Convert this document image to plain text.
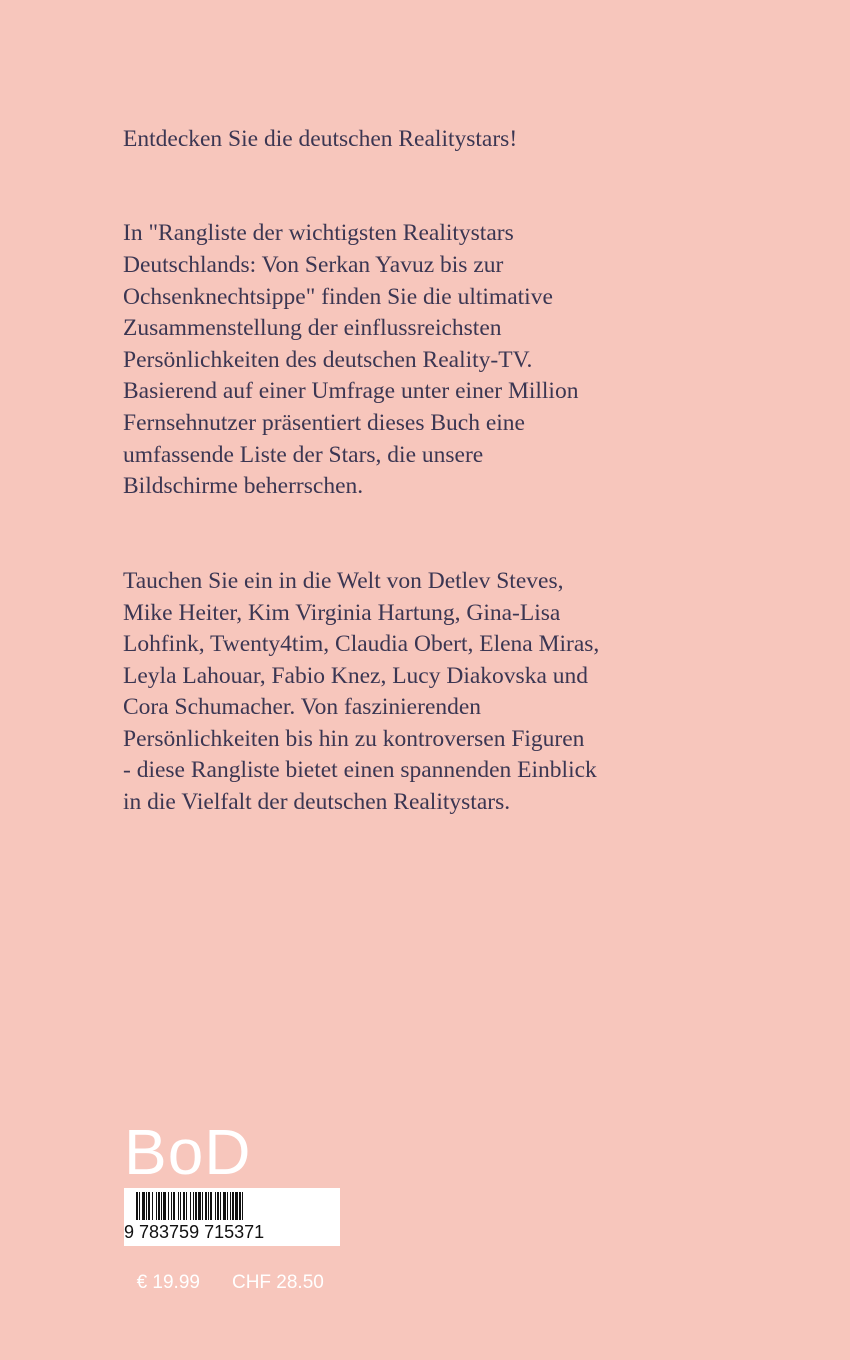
Entdecken Sie die deutschen Realitystars!

In "Rangliste der wichtigsten Realitystars
Deutschlands: Von Serkan Yavuz bis zur
Ochsenknechtsippe" finden Sie die ultimative
Zusammenstellung der einflussreichsten
Persönlichkeiten des deutschen Reality-TV.
Basierend auf einer Umfrage unter einer Million
Fernsehnutzer präsentiert dieses Buch eine
umfassende Liste der Stars, die unsere
Bildschirme beherrschen.

Tauchen Sie ein in die Welt von Detlev Steves,
Mike Heiter, Kim Virginia Hartung, Gina-Lisa
Lohfink, Twenty4tim, Claudia Obert, Elena Miras,
Leyla Lahouar, Fabio Knez, Lucy Diakovska und
Cora Schumacher. Von faszinierenden
Persönlichkeiten bis hin zu kontroversen Figuren
- diese Rangliste bietet einen spannenden Einblick
in die Vielfalt der deutschen Realitystars.

BoD
9 783759 715371

€ 19.99 CHF 28.50
